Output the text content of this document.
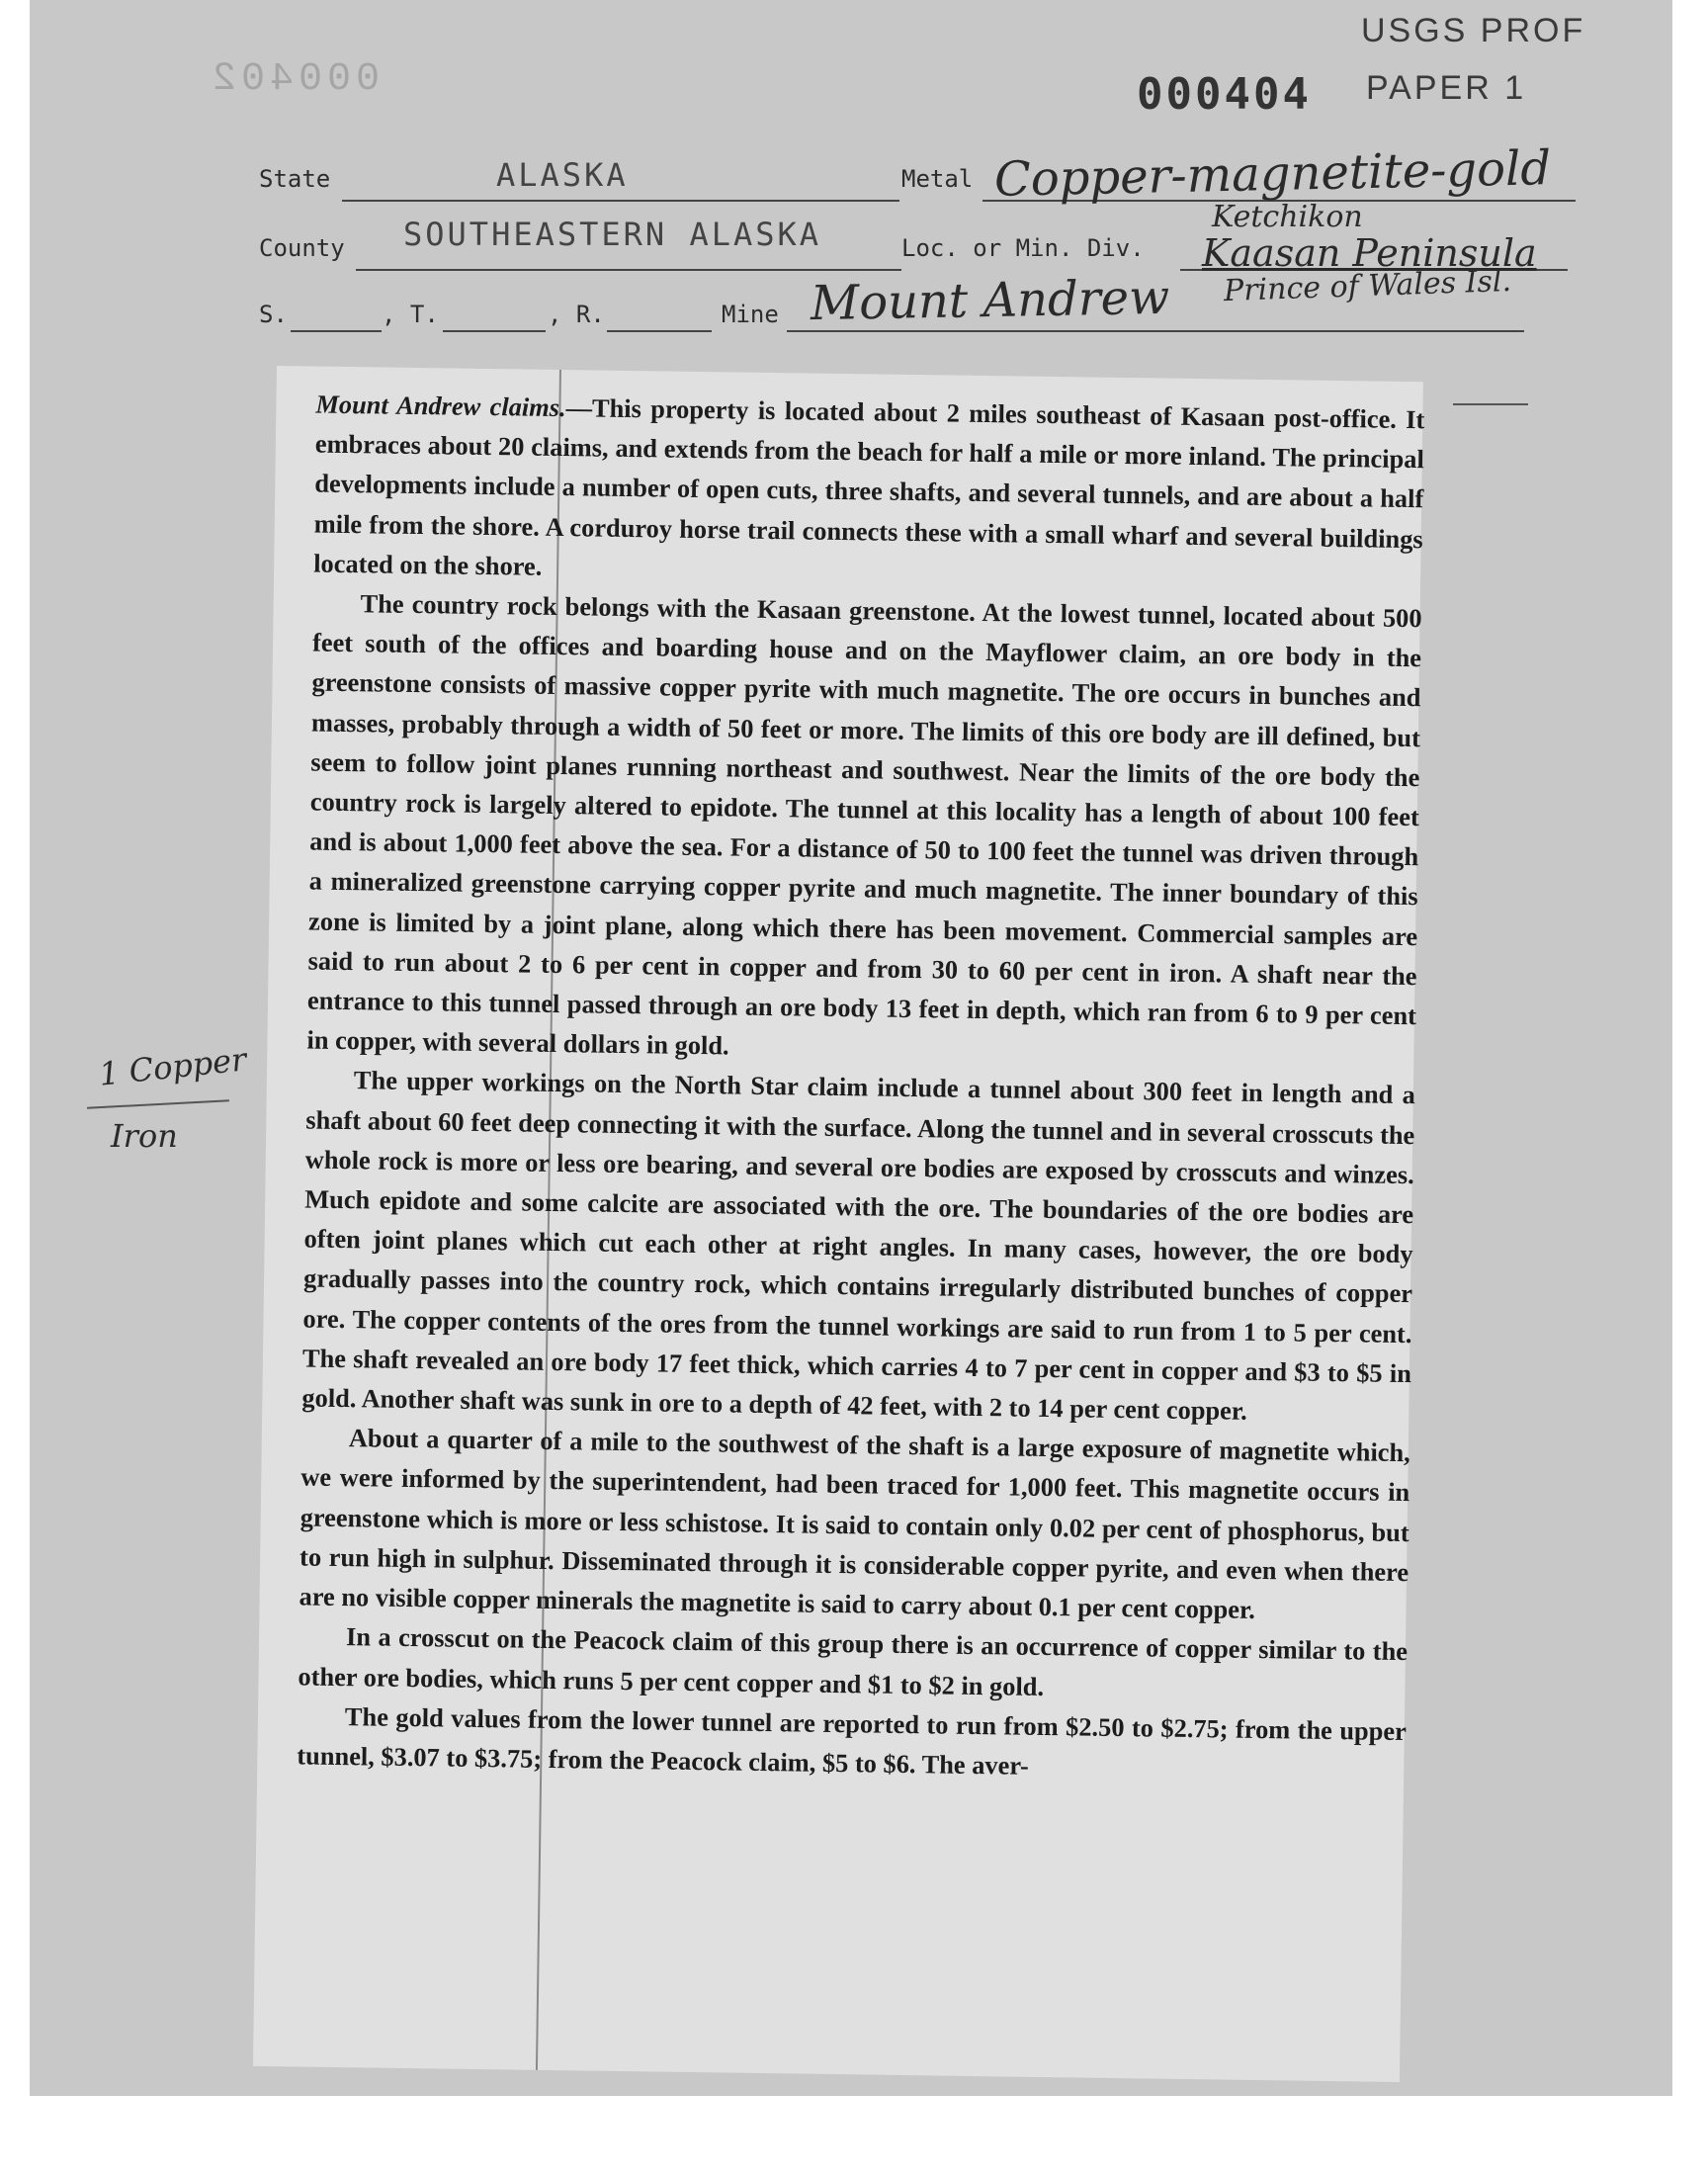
000402
USGS PROF
000404 PAPER 1
State	ALASKA	Metal Copper-magnetite-gold
County SOUTHEASTERN ALASKA	Loc. or Min. Div.
Ketchikon
Kaasan Peninsula
Prince of Wales Isl.
S.	, T.	, R.	Mine Mount Andrew
1 Copper
Iron

Mount Andrew claims.—This property is located about 2 miles southeast of Kasaan post-office. It embraces about 20 claims, and extends from the beach for half a mile or more inland. The principal developments include a number of open cuts, three shafts, and several tunnels, and are about a half mile from the shore. A corduroy horse trail connects these with a small wharf and several buildings located on the shore.

The country rock belongs with the Kasaan greenstone. At the lowest tunnel, located about 500 feet south of the offices and boarding house and on the Mayflower claim, an ore body in the greenstone consists of massive copper pyrite with much magnetite. The ore occurs in bunches and masses, probably through a width of 50 feet or more. The limits of this ore body are ill defined, but seem to follow joint planes running northeast and southwest. Near the limits of the ore body the country rock is largely altered to epidote. The tunnel at this locality has a length of about 100 feet and is about 1,000 feet above the sea. For a distance of 50 to 100 feet the tunnel was driven through a mineralized greenstone carrying copper pyrite and much magnetite. The inner boundary of this zone is limited by a joint plane, along which there has been movement. Commercial samples are said to run about 2 to 6 per cent in copper and from 30 to 60 per cent in iron. A shaft near the entrance to this tunnel passed through an ore body 13 feet in depth, which ran from 6 to 9 per cent in copper, with several dollars in gold.

The upper workings on the North Star claim include a tunnel about 300 feet in length and a shaft about 60 feet deep connecting it with the surface. Along the tunnel and in several crosscuts the whole rock is more or less ore bearing, and several ore bodies are exposed by crosscuts and winzes. Much epidote and some calcite are associated with the ore. The boundaries of the ore bodies are often joint planes which cut each other at right angles. In many cases, however, the ore body gradually passes into the country rock, which contains irregularly distributed bunches of copper ore. The copper contents of the ores from the tunnel workings are said to run from 1 to 5 per cent. The shaft revealed an ore body 17 feet thick, which carries 4 to 7 per cent in copper and $3 to $5 in gold. Another shaft was sunk in ore to a depth of 42 feet, with 2 to 14 per cent copper.

About a quarter of a mile to the southwest of the shaft is a large exposure of magnetite which, we were informed by the superintendent, had been traced for 1,000 feet. This magnetite occurs in greenstone which is more or less schistose. It is said to contain only 0.02 per cent of phosphorus, but to run high in sulphur. Disseminated through it is considerable copper pyrite, and even when there are no visible copper minerals the magnetite is said to carry about 0.1 per cent copper.

In a crosscut on the Peacock claim of this group there is an occurrence of copper similar to the other ore bodies, which runs 5 per cent copper and $1 to $2 in gold.

The gold values from the lower tunnel are reported to run from $2.50 to $2.75; from the upper tunnel, $3.07 to $3.75; from the Peacock claim, $5 to $6. The aver-
